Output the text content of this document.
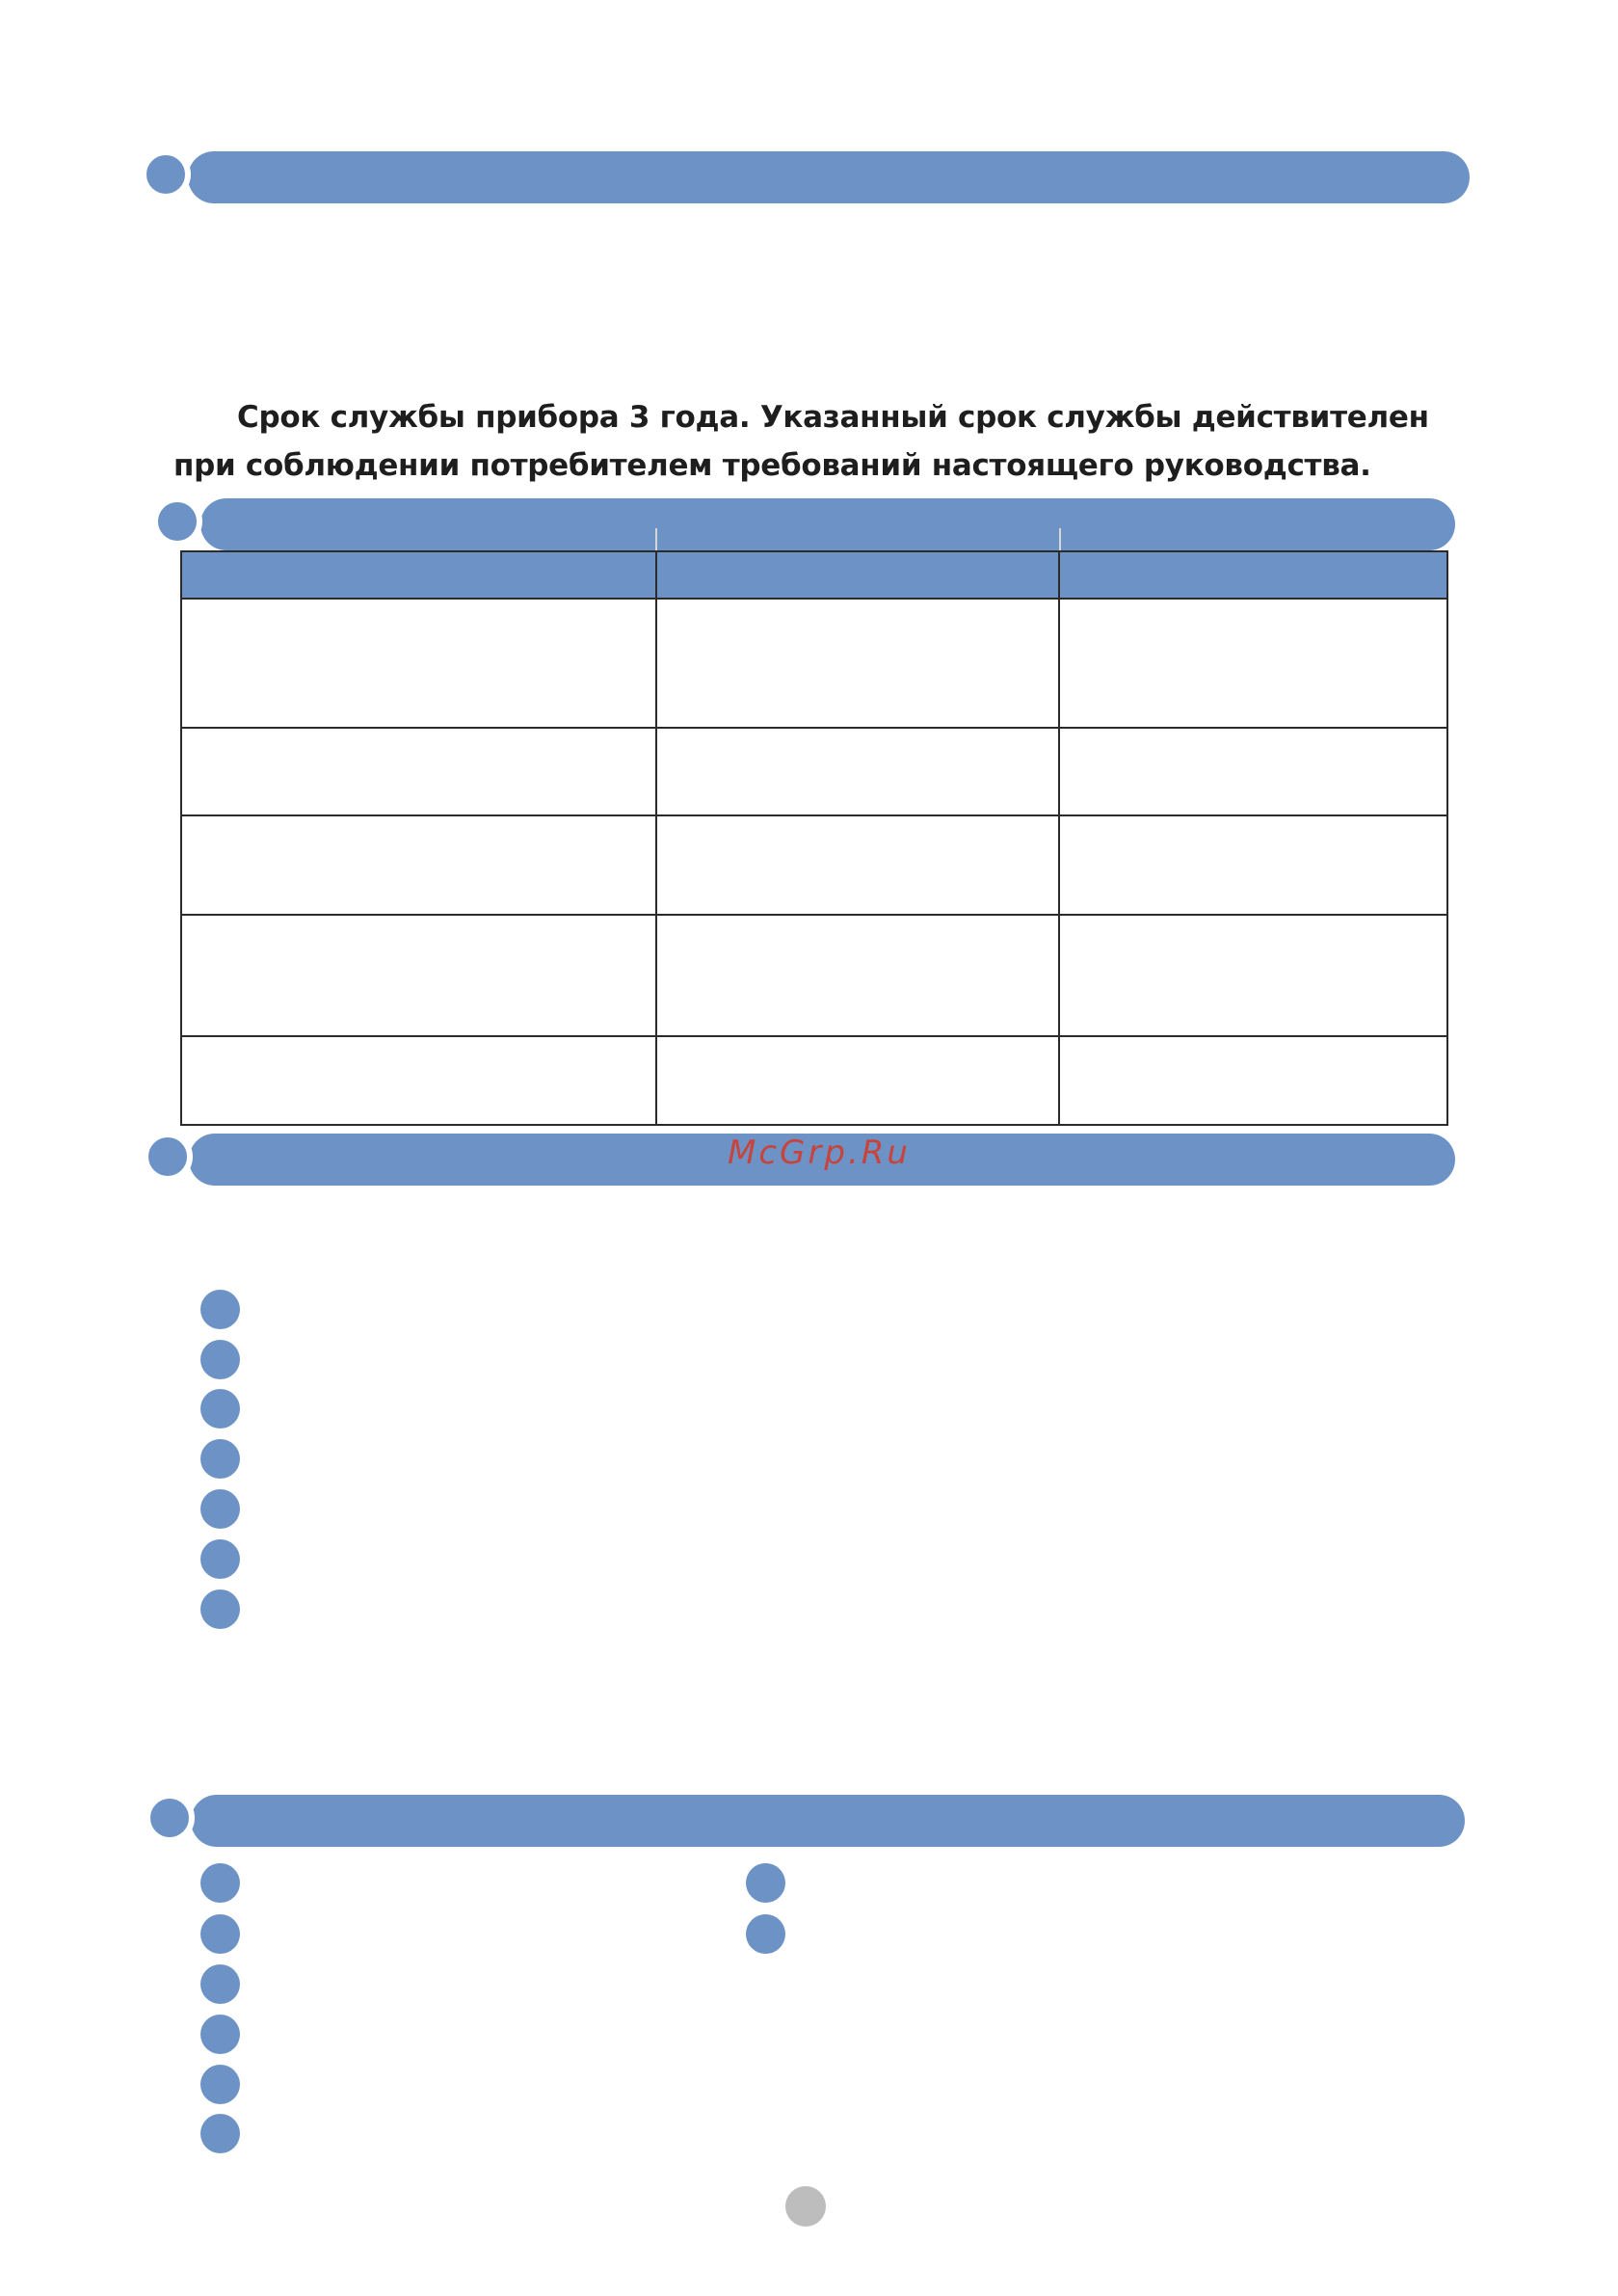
Срок службы прибора 3 года. Указанный срок службы действителен
при соблюдении потребителем требований настоящего руководства.

McGrp.Ru
